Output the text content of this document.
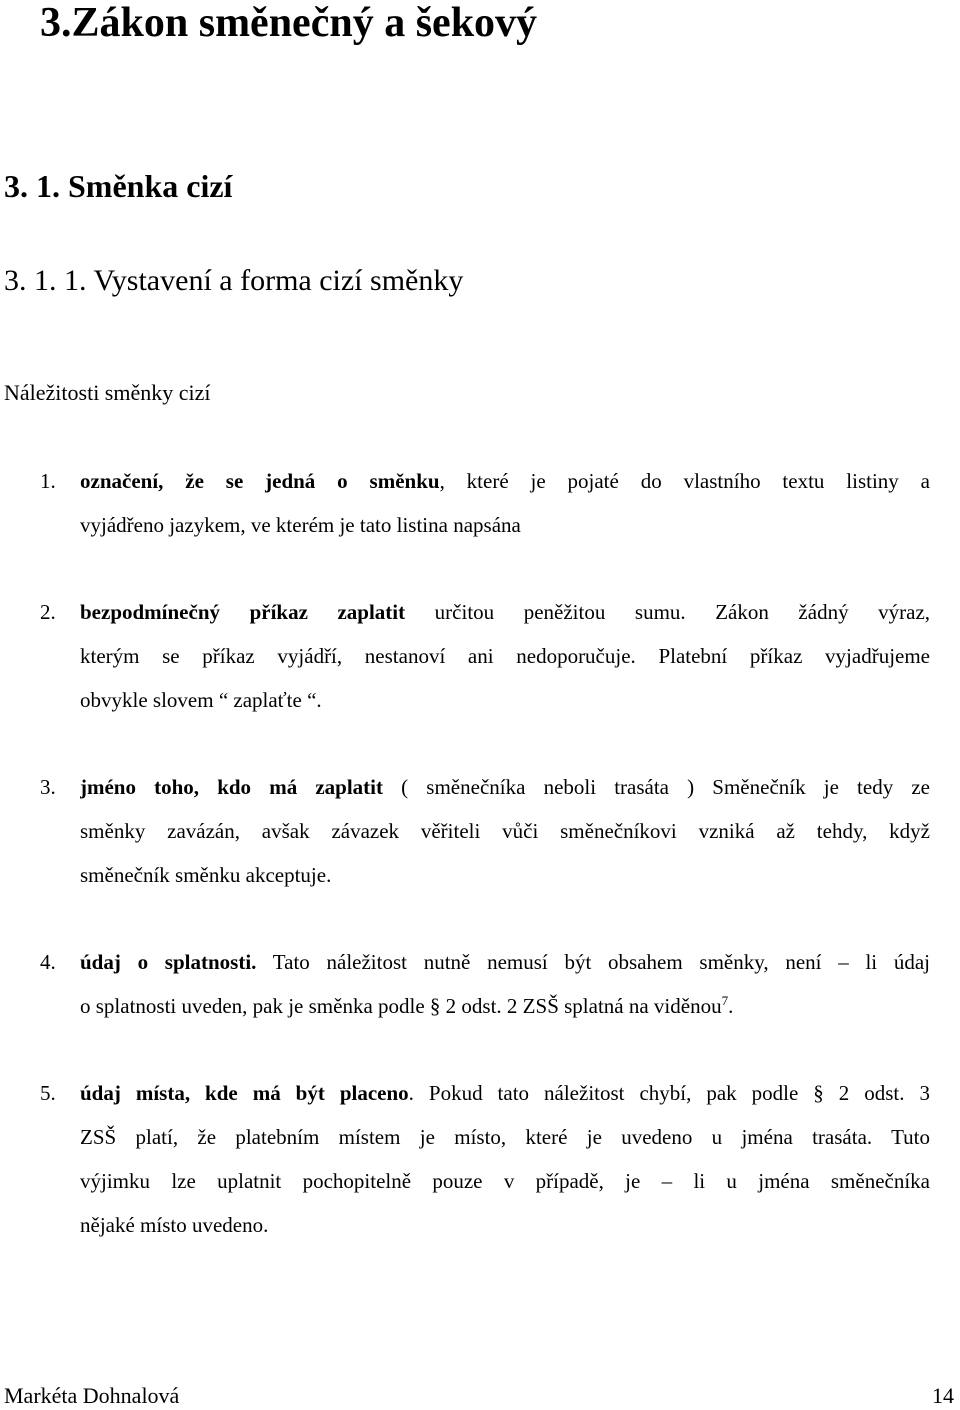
3.Zákon směnečný a šekový
3. 1. Směnka cizí
3. 1. 1. Vystavení a forma cizí směnky
Náležitosti směnky cizí
1. označení, že se jedná o směnku, které je pojaté do vlastního textu listiny a
vyjádřeno jazykem, ve kterém je tato listina napsána
2. bezpodmínečný příkaz zaplatit určitou peněžitou sumu. Zákon žádný výraz,
kterým se příkaz vyjádří, nestanoví ani nedoporučuje. Platební příkaz vyjadřujeme
obvykle slovem “ zaplaťte “.
3. jméno toho, kdo má zaplatit ( směnečníka neboli trasáta ) Směnečník je tedy ze
směnky zavázán, avšak závazek věřiteli vůči směnečníkovi vzniká až tehdy, když
směnečník směnku akceptuje.
4. údaj o splatnosti. Tato náležitost nutně nemusí být obsahem směnky, není – li údaj
o splatnosti uveden, pak je směnka podle § 2 odst. 2 ZSŠ splatná na viděnou$^7$.
5. údaj místa, kde má být placeno. Pokud tato náležitost chybí, pak podle § 2 odst. 3
ZSŠ platí, že platebním místem je místo, které je uvedeno u jména trasáta. Tuto
výjimku lze uplatnit pochopitelně pouze v případě, je – li u jména směnečníka
nějaké místo uvedeno.
Markéta Dohnalová	14
